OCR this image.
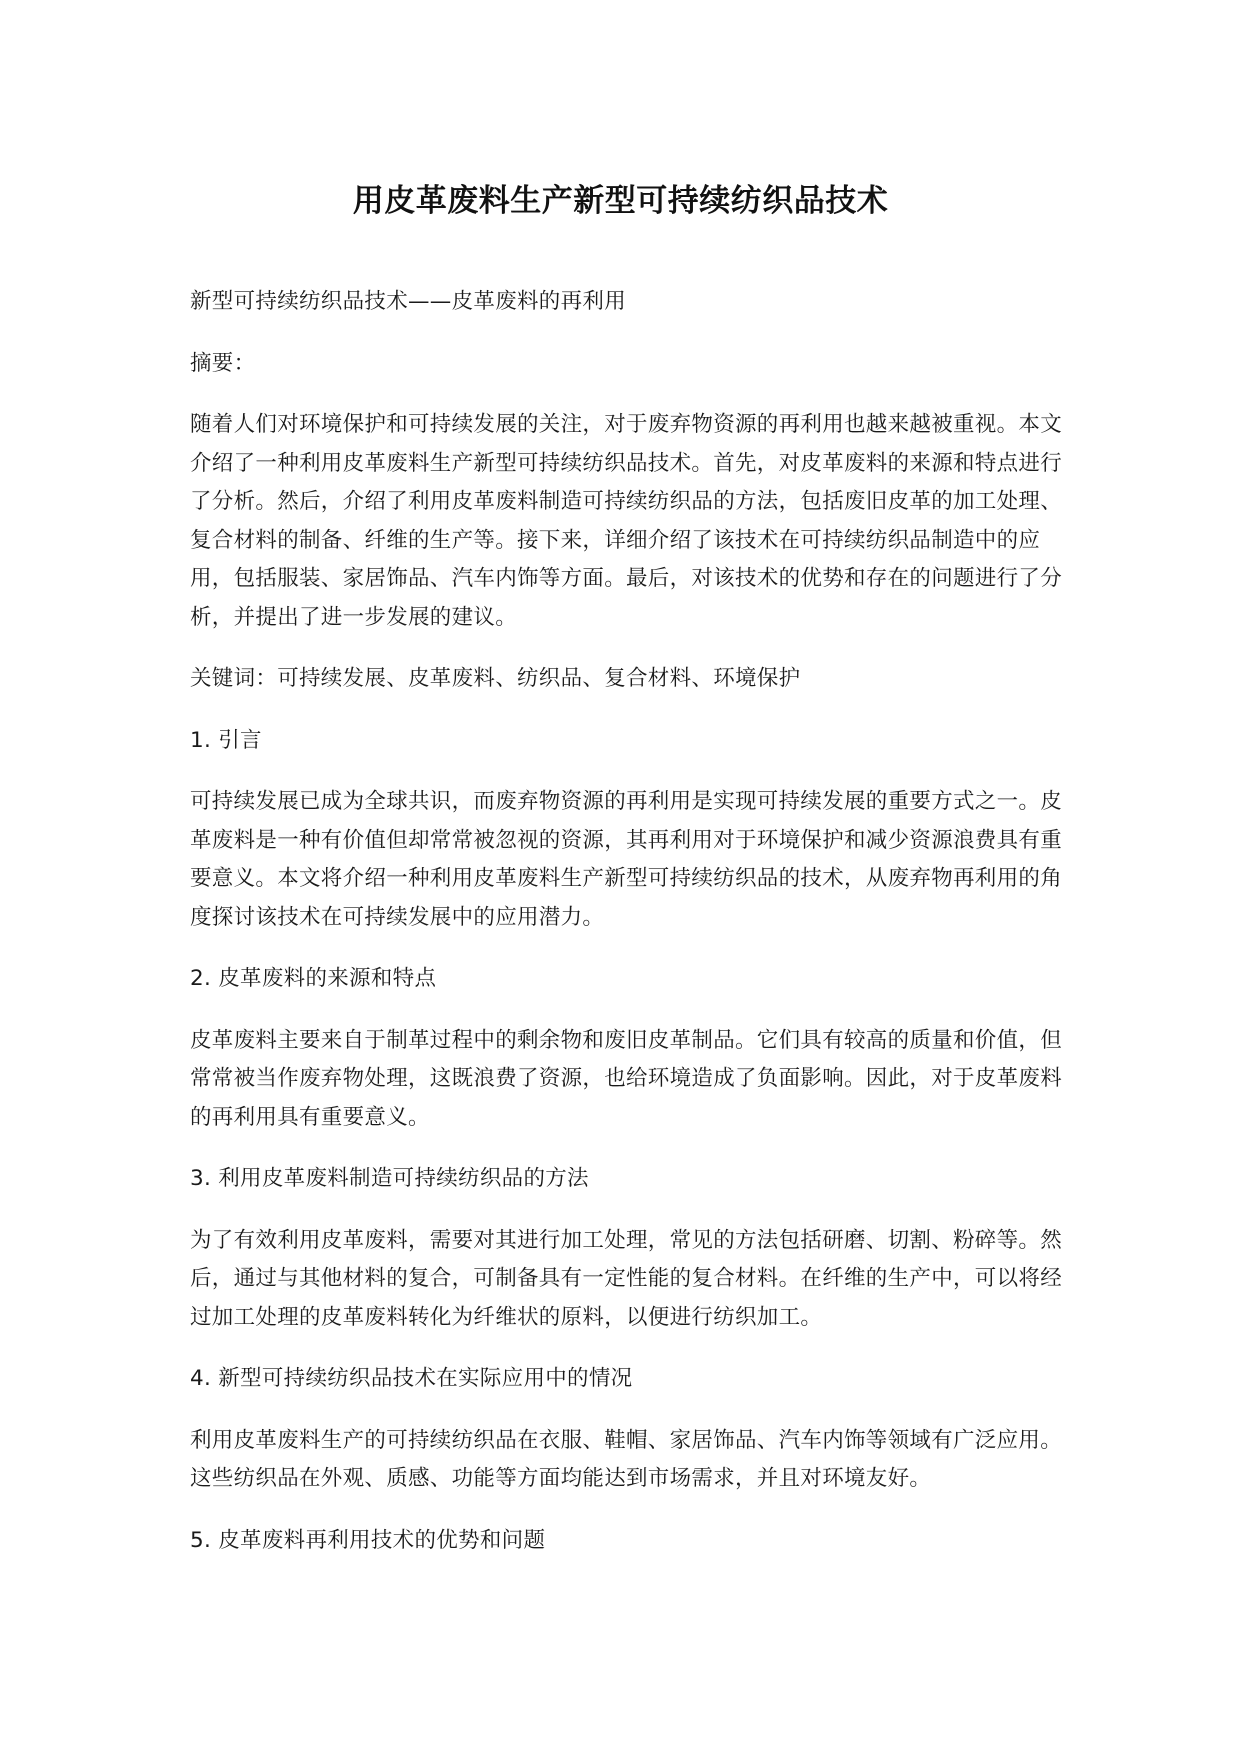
用皮革废料生产新型可持续纺织品技术

新型可持续纺织品技术——皮革废料的再利用

摘要：

随着人们对环境保护和可持续发展的关注，对于废弃物资源的再利用也越来越被重视。本文介绍了一种利用皮革废料生产新型可持续纺织品技术。首先，对皮革废料的来源和特点进行了分析。然后，介绍了利用皮革废料制造可持续纺织品的方法，包括废旧皮革的加工处理、复合材料的制备、纤维的生产等。接下来，详细介绍了该技术在可持续纺织品制造中的应用，包括服装、家居饰品、汽车内饰等方面。最后，对该技术的优势和存在的问题进行了分析，并提出了进一步发展的建议。

关键词：可持续发展、皮革废料、纺织品、复合材料、环境保护

1. 引言

可持续发展已成为全球共识，而废弃物资源的再利用是实现可持续发展的重要方式之一。皮革废料是一种有价值但却常常被忽视的资源，其再利用对于环境保护和减少资源浪费具有重要意义。本文将介绍一种利用皮革废料生产新型可持续纺织品的技术，从废弃物再利用的角度探讨该技术在可持续发展中的应用潜力。

2. 皮革废料的来源和特点

皮革废料主要来自于制革过程中的剩余物和废旧皮革制品。它们具有较高的质量和价值，但常常被当作废弃物处理，这既浪费了资源，也给环境造成了负面影响。因此，对于皮革废料的再利用具有重要意义。

3. 利用皮革废料制造可持续纺织品的方法

为了有效利用皮革废料，需要对其进行加工处理，常见的方法包括研磨、切割、粉碎等。然后，通过与其他材料的复合，可制备具有一定性能的复合材料。在纤维的生产中，可以将经过加工处理的皮革废料转化为纤维状的原料，以便进行纺织加工。

4. 新型可持续纺织品技术在实际应用中的情况

利用皮革废料生产的可持续纺织品在衣服、鞋帽、家居饰品、汽车内饰等领域有广泛应用。这些纺织品在外观、质感、功能等方面均能达到市场需求，并且对环境友好。

5. 皮革废料再利用技术的优势和问题
